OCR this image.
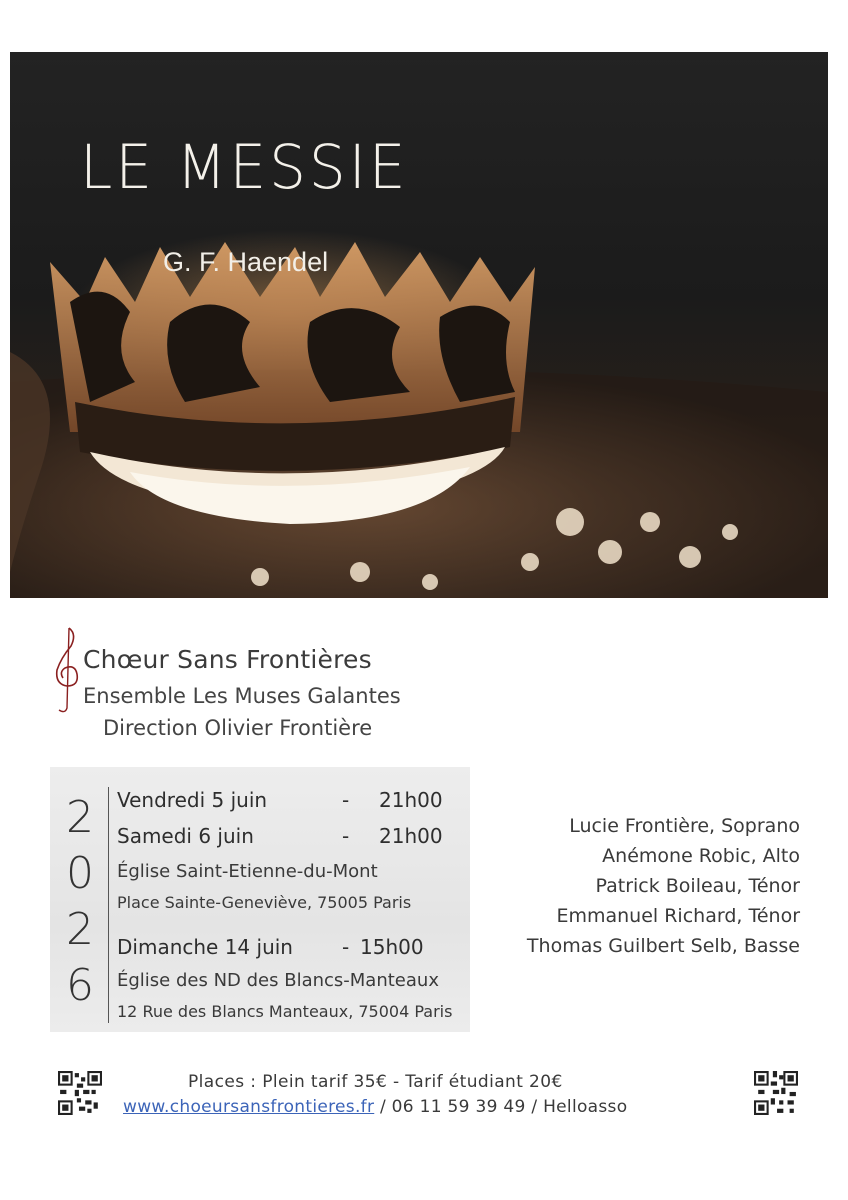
LE MESSIE
G. F. Haendel
Chœur Sans Frontières
Ensemble Les Muses Galantes
Direction Olivier Frontière
2
0
2
6
Vendredi 5 juin	- 21h00
Samedi 6 juin	- 21h00
Église Saint-Etienne-du-Mont
Place Sainte-Geneviève, 75005 Paris
Dimanche 14 juin - 15h00
Église des ND des Blancs-Manteaux
12 Rue des Blancs Manteaux, 75004 Paris
Lucie Frontière, Soprano
Anémone Robic, Alto
Patrick Boileau, Ténor
Emmanuel Richard, Ténor
Thomas Guilbert Selb, Basse
Places : Plein tarif 35€ - Tarif étudiant 20€
www.choeursansfrontieres.fr / 06 11 59 39 49 / Helloasso
